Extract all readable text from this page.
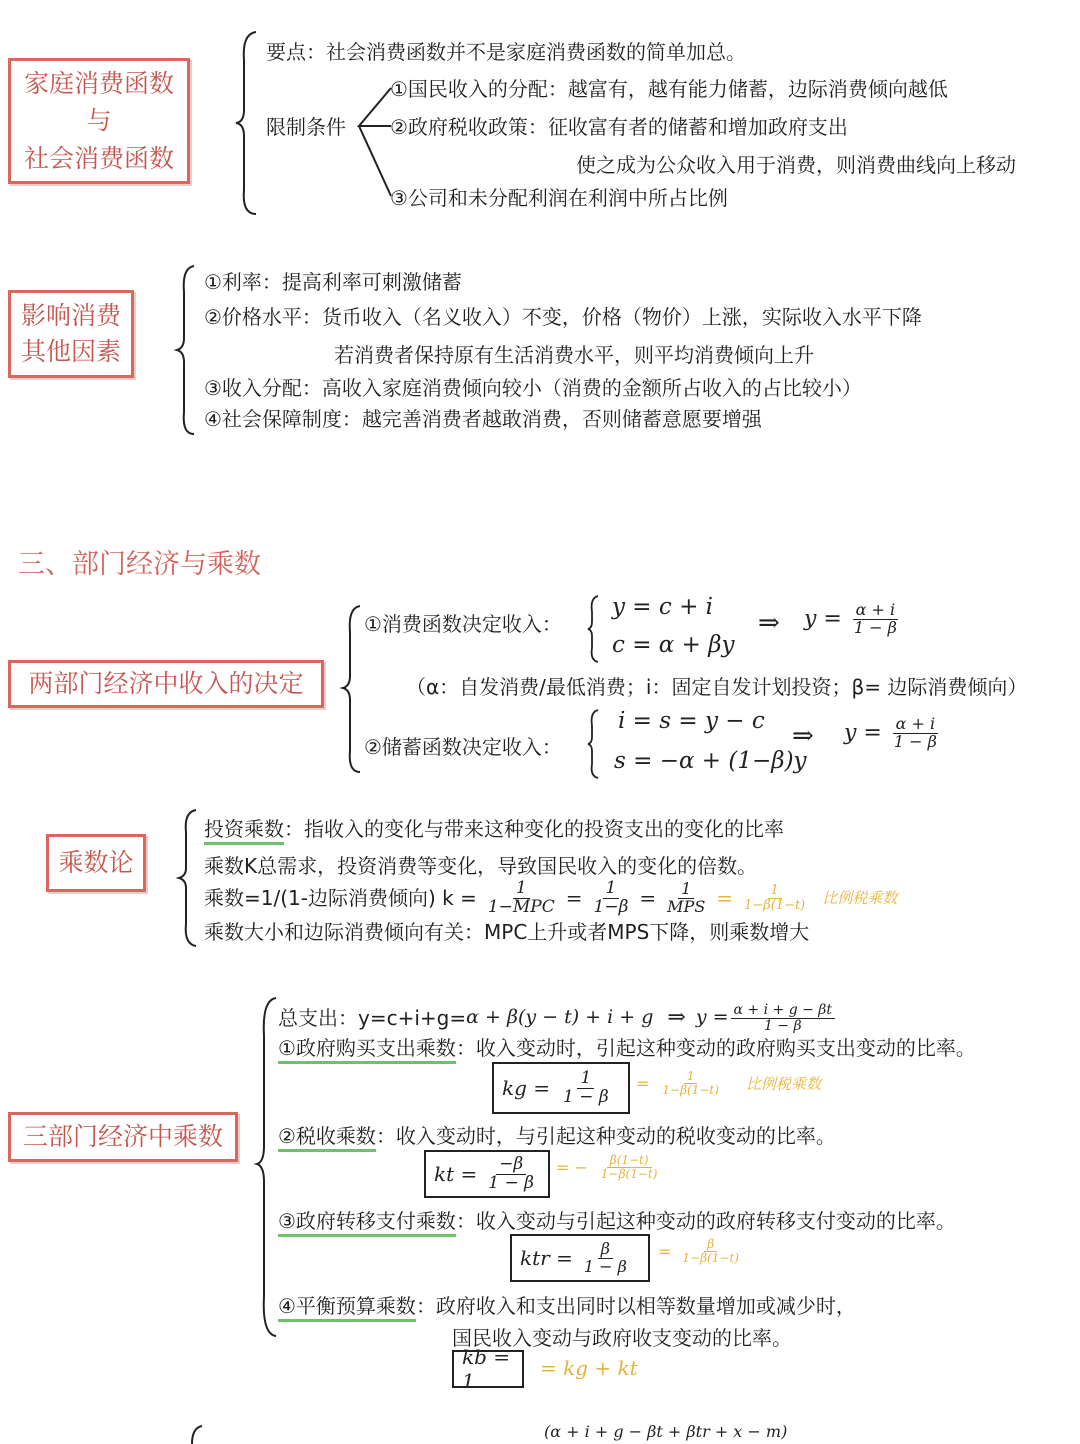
家庭消费函数
与
社会消费函数
要点：社会消费函数并不是家庭消费函数的简单加总。
限制条件
①国民收入的分配：越富有，越有能力储蓄，边际消费倾向越低
②政府税收政策：征收富有者的储蓄和增加政府支出
使之成为公众收入用于消费，则消费曲线向上移动
③公司和未分配利润在利润中所占比例
影响消费
其他因素
①利率：提高利率可刺激储蓄
②价格水平：货币收入（名义收入）不变，价格（物价）上涨，实际收入水平下降
若消费者保持原有生活消费水平，则平均消费倾向上升
③收入分配：高收入家庭消费倾向较小（消费的金额所占收入的占比较小）
④社会保障制度：越完善消费者越敢消费，否则储蓄意愿要增强
三、部门经济与乘数
两部门经济中收入的决定
①消费函数决定收入：
y = c + i
c = α + βy
⇒ $y = \frac{\alpha + i}{1 - \beta}$
（α：自发消费/最低消费；i：固定自发计划投资；β= 边际消费倾向）
②储蓄函数决定收入：
i = s = y − c
s = −α + (1−β)y
⇒ $y = \frac{\alpha + i}{1 - \beta}$
乘数论
投资乘数：指收入的变化与带来这种变化的投资支出的变化的比率
乘数K总需求，投资消费等变化，导致国民收入的变化的倍数。
乘数=1/(1-边际消费倾向) $k = \frac{1}{\text{1−MPC}} = \frac{1}{1-\beta} = \frac{1}{\text{MPS}} = \frac{1}{1-\beta(1-t)}$ 比例税乘数
乘数大小和边际消费倾向有关：MPC上升或者MPS下降，则乘数增大
三部门经济中乘数
总支出：y=c+i+g= α + β(y − t) + i + g ⇒ $y = \frac{\alpha + i + g - \beta t}{1 - \beta}$
①政府购买支出乘数：收入变动时，引起这种变动的政府购买支出变动的比率。
kg = $\frac{1}{1 - \beta} = \frac{1}{1-\beta(1-t)}$ 比例税乘数
②税收乘数：收入变动时，与引起这种变动的税收变动的比率。
kt = $\frac{-\beta}{1 - \beta}$ = − $\frac{\beta(1-t)}{1-\beta(1-t)}$
③政府转移支付乘数：收入变动与引起这种变动的政府转移支付变动的比率。
ktr = $\frac{\beta}{1 - \beta} = \frac{\beta}{1-\beta(1-t)}$
④平衡预算乘数：政府收入和支出同时以相等数量增加或减少时，
国民收入变动与政府收支变动的比率。
kb = 1
= kg + kt
(α + i + g − βt + βtr + x − m)
